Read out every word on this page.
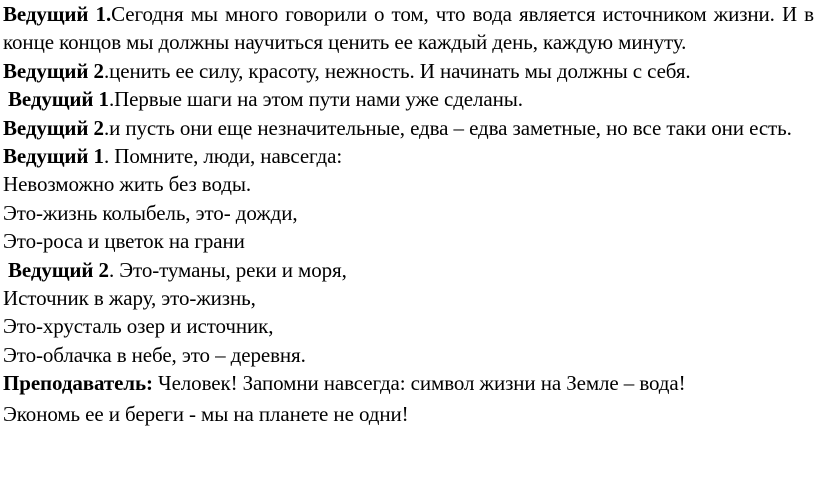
Ведущий 1.Сегодня мы много говорили о том, что вода является источником жизни. И в конце концов мы должны научиться ценить ее каждый день, каждую минуту.

Ведущий 2.ценить ее силу, красоту, нежность. И начинать мы должны с себя.

Ведущий 1.Первые шаги на этом пути нами уже сделаны.

Ведущий 2.и пусть они еще незначительные, едва – едва заметные, но все таки они есть.

Ведущий 1. Помните, люди, навсегда:

Невозможно жить без воды.

Это-жизнь колыбель, это- дожди,

Это-роса и цветок на грани

Ведущий 2. Это-туманы, реки и моря,

Источник в жару, это-жизнь,

Это-хрусталь озер и источник,

Это-облачка в небе, это – деревня.

Преподаватель: Человек! Запомни навсегда: символ жизни на Земле – вода!

Экономь ее и береги - мы на планете не одни!
